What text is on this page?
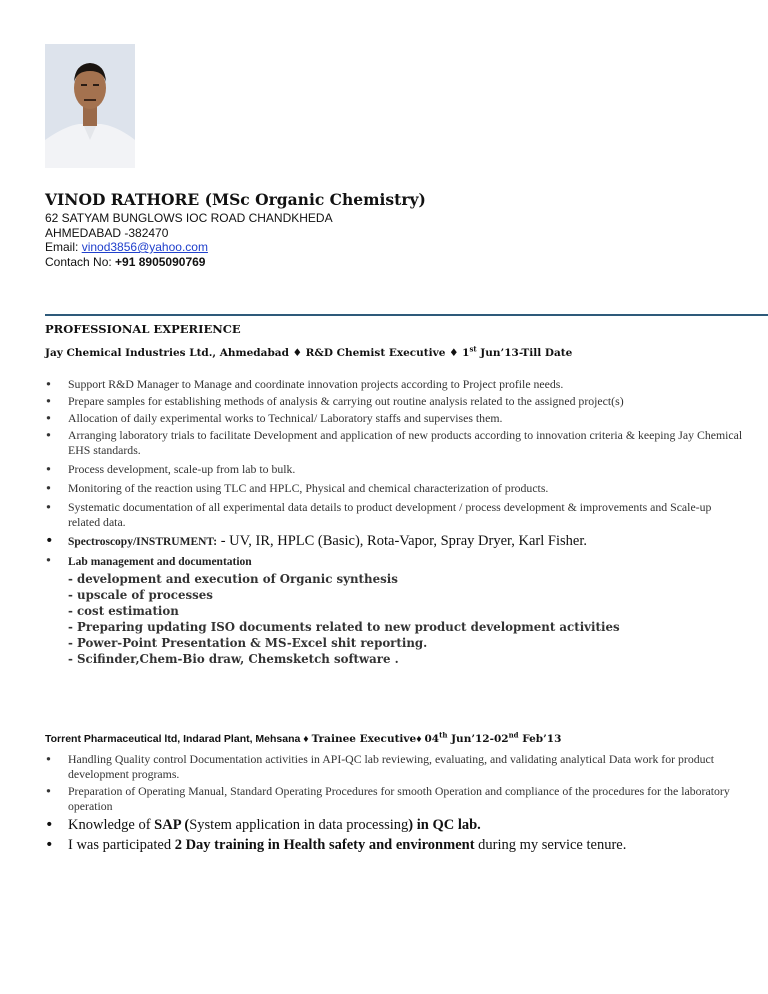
VINOD RATHORE (MSc Organic Chemistry)
62 SATYAM BUNGLOWS IOC ROAD CHANDKHEDA
AHMEDABAD -382470
Email: vinod3856@yahoo.com
Contach No: +91 8905090769
PROFESSIONAL EXPERIENCE
Jay Chemical Industries Ltd., Ahmedabad ♦ R&D Chemist Executive ♦ 1st Jun’13-Till Date
• Support R&D Manager to Manage and coordinate innovation projects according to Project profile needs.
• Prepare samples for establishing methods of analysis & carrying out routine analysis related to the assigned project(s)
• Allocation of daily experimental works to Technical/ Laboratory staffs and supervises them.
• Arranging laboratory trials to facilitate Development and application of new products according to innovation criteria & keeping Jay Chemical EHS standards.
• Process development, scale-up from lab to bulk.
• Monitoring of the reaction using TLC and HPLC, Physical and chemical characterization of products.
• Systematic documentation of all experimental data details to product development / process development & improvements and Scale-up related data.
• Spectroscopy/INSTRUMENT: - UV, IR, HPLC (Basic), Rota-Vapor, Spray Dryer, Karl Fisher.
• Lab management and documentation
- development and execution of Organic synthesis
- upscale of processes
- cost estimation
- Preparing updating ISO documents related to new product development activities
- Power-Point Presentation & MS-Excel shit reporting.
- Scifinder,Chem-Bio draw, Chemsketch software .
Torrent Pharmaceutical ltd, Indarad Plant, Mehsana ♦ Trainee Executive♦ 04th Jun’12-02nd Feb’13
• Handling Quality control Documentation activities in API-QC lab reviewing, evaluating, and validating analytical Data work for product development programs.
• Preparation of Operating Manual, Standard Operating Procedures for smooth Operation and compliance of the procedures for the laboratory operation
• Knowledge of SAP (System application in data processing) in QC lab.
• I was participated 2 Day training in Health safety and environment during my service tenure.
